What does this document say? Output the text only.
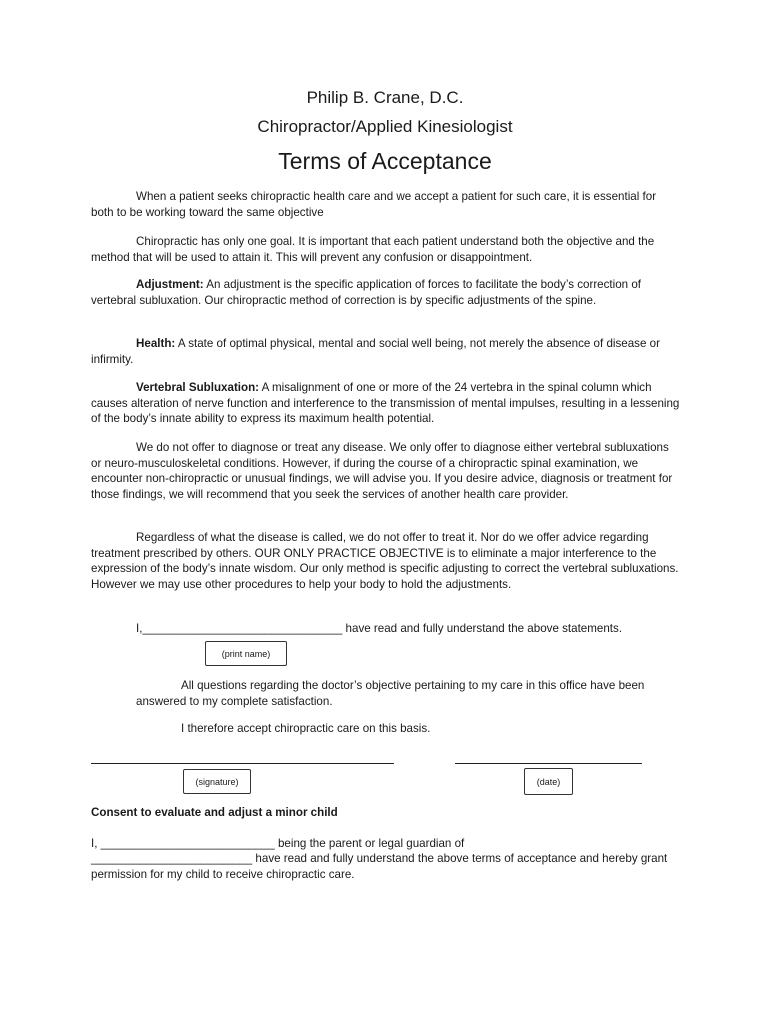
Philip B. Crane, D.C.
Chiropractor/Applied Kinesiologist
Terms of Acceptance

When a patient seeks chiropractic health care and we accept a patient for such care, it is essential for both to be working toward the same objective

Chiropractic has only one goal. It is important that each patient understand both the objective and the method that will be used to attain it. This will prevent any confusion or disappointment.

Adjustment: An adjustment is the specific application of forces to facilitate the body’s correction of vertebral subluxation. Our chiropractic method of correction is by specific adjustments of the spine.

Health: A state of optimal physical, mental and social well being, not merely the absence of disease or infirmity.

Vertebral Subluxation: A misalignment of one or more of the 24 vertebra in the spinal column which causes alteration of nerve function and interference to the transmission of mental impulses, resulting in a lessening of the body’s innate ability to express its maximum health potential.

We do not offer to diagnose or treat any disease. We only offer to diagnose either vertebral subluxations or neuro-musculoskeletal conditions. However, if during the course of a chiropractic spinal examination, we encounter non-chiropractic or unusual findings, we will advise you. If you desire advice, diagnosis or treatment for those findings, we will recommend that you seek the services of another health care provider.

Regardless of what the disease is called, we do not offer to treat it. Nor do we offer advice regarding treatment prescribed by others. OUR ONLY PRACTICE OBJECTIVE is to eliminate a major interference to the expression of the body’s innate wisdom. Our only method is specific adjusting to correct the vertebral subluxations. However we may use other procedures to help your body to hold the adjustments.

I,_______________________________ have read and fully understand the above statements.
(print name)

All questions regarding the doctor’s objective pertaining to my care in this office have been answered to my complete satisfaction.

I therefore accept chiropractic care on this basis.
(signature)	(date)
Consent to evaluate and adjust a minor child
I, ___________________________ being the parent or legal guardian of

_________________________ have read and fully understand the above terms of acceptance and hereby grant permission for my child to receive chiropractic care.
